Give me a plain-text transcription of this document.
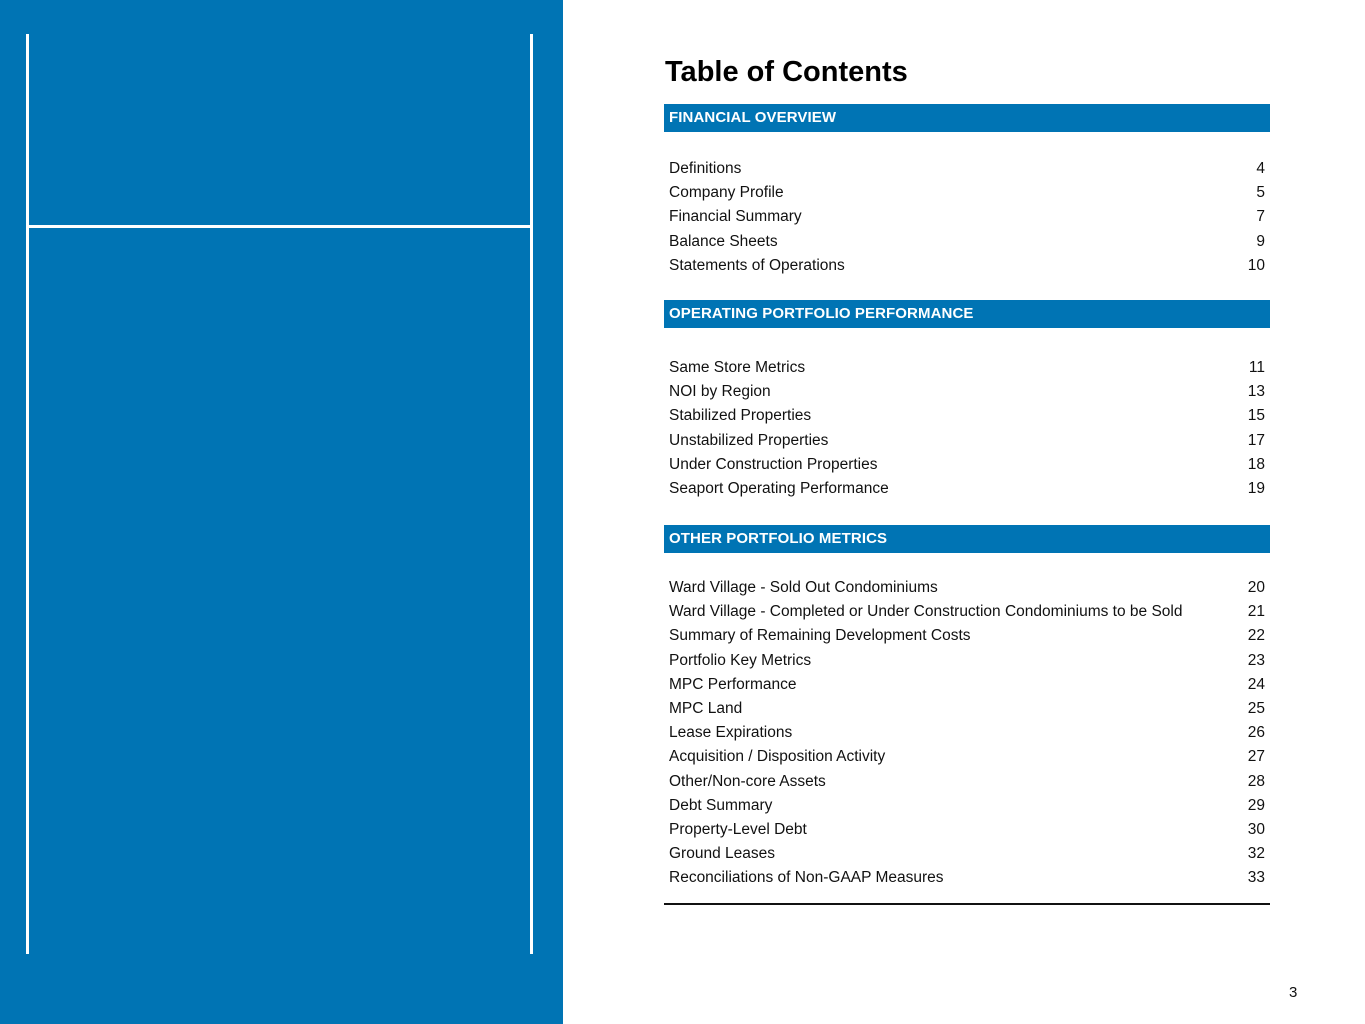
Table of Contents
FINANCIAL OVERVIEW
Definitions	4
Company Profile	5
Financial Summary	7
Balance Sheets	9
Statements of Operations	10
OPERATING PORTFOLIO PERFORMANCE
Same Store Metrics	11
NOI by Region	13
Stabilized Properties	15
Unstabilized Properties	17
Under Construction Properties	18
Seaport Operating Performance	19
OTHER PORTFOLIO METRICS
Ward Village - Sold Out Condominiums	20
Ward Village - Completed or Under Construction Condominiums to be Sold	21
Summary of Remaining Development Costs	22
Portfolio Key Metrics	23
MPC Performance	24
MPC Land	25
Lease Expirations	26
Acquisition / Disposition Activity	27
Other/Non-core Assets	28
Debt Summary	29
Property-Level Debt	30
Ground Leases	32
Reconciliations of Non-GAAP Measures	33
3
